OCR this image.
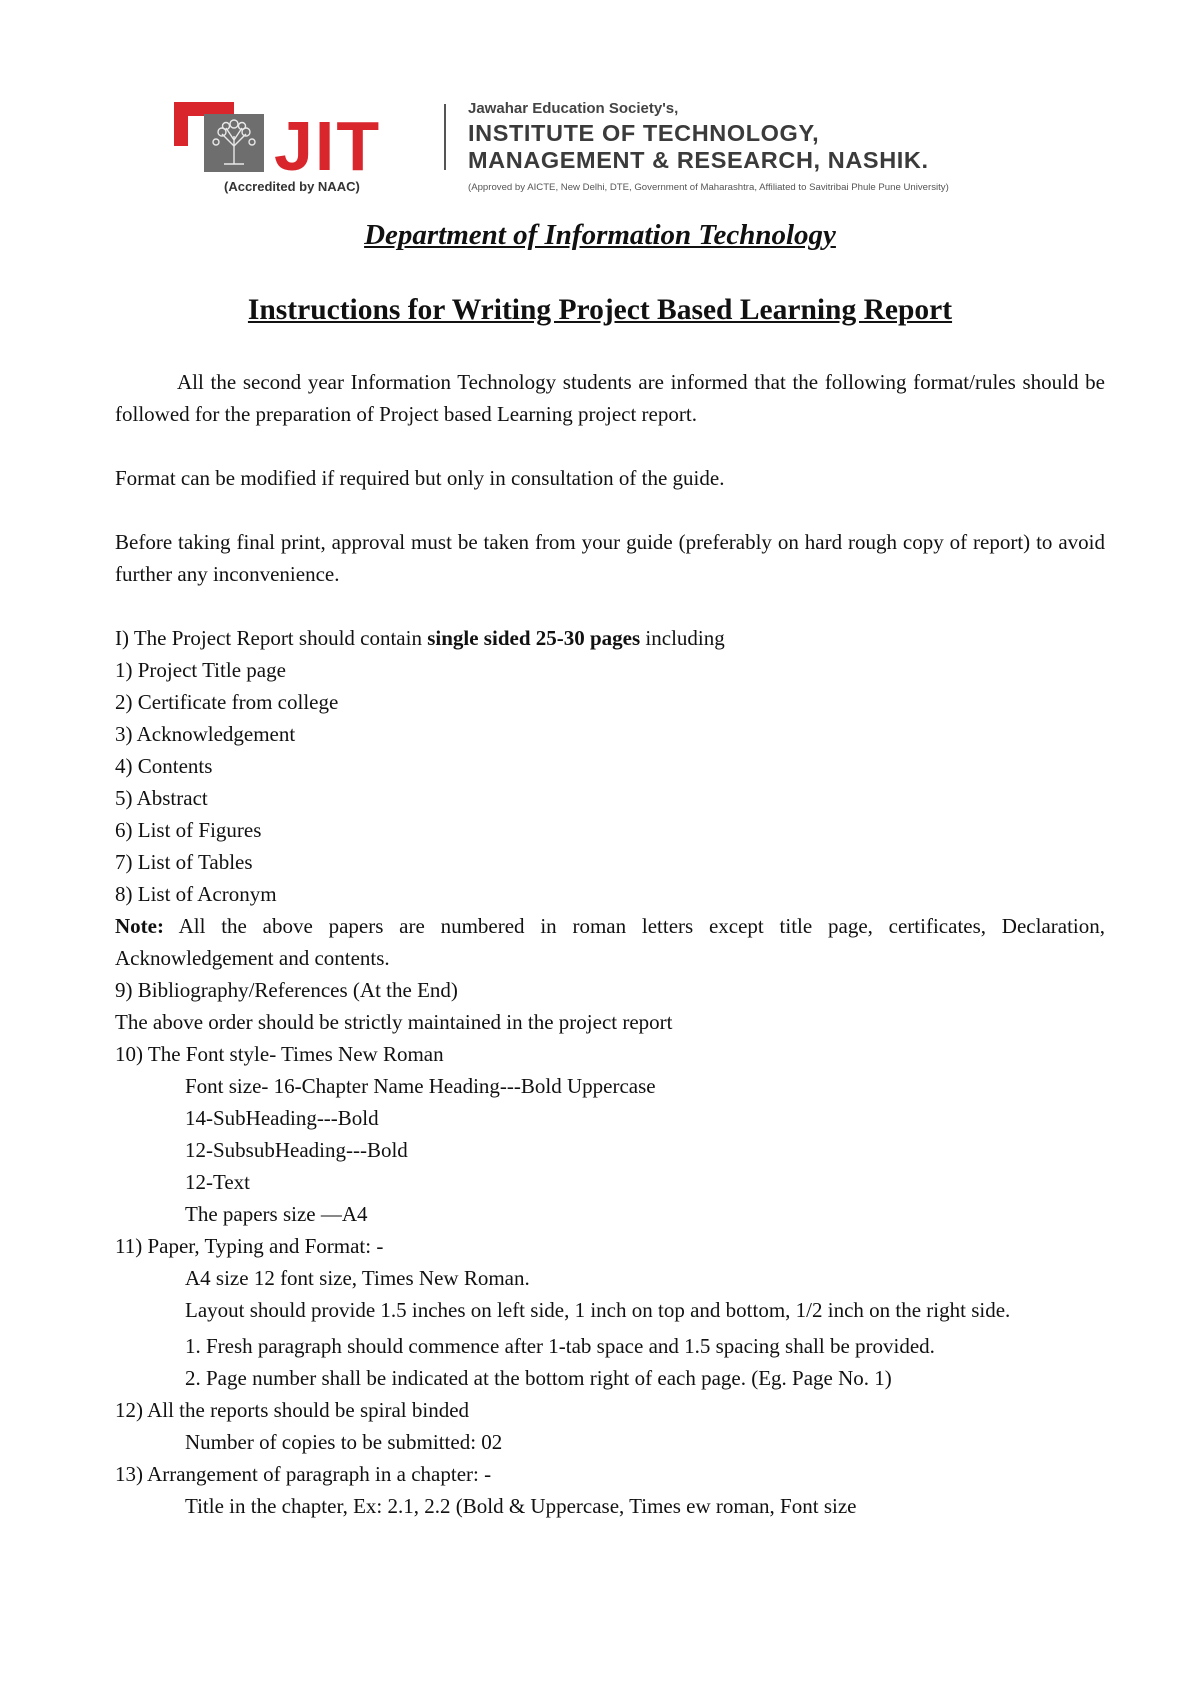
JIT
(Accredited by NAAC)
Jawahar Education Society's,
INSTITUTE OF TECHNOLOGY,
MANAGEMENT & RESEARCH, NASHIK.
(Approved by AICTE, New Delhi, DTE, Government of Maharashtra, Affiliated to Savitribai Phule Pune University)
Department of Information Technology
Instructions for Writing Project Based Learning Report

All the second year Information Technology students are informed that the following format/rules should be followed for the preparation of Project based Learning project report.

Format can be modified if required but only in consultation of the guide.

Before taking final print, approval must be taken from your guide (preferably on hard rough copy of report) to avoid further any inconvenience.

I) The Project Report should contain single sided 25-30 pages including

1) Project Title page

2) Certificate from college

3) Acknowledgement

4) Contents

5) Abstract

6) List of Figures

7) List of Tables

8) List of Acronym

Note: All the above papers are numbered in roman letters except title page, certificates, Declaration, Acknowledgement and contents.

9) Bibliography/References (At the End)

The above order should be strictly maintained in the project report

10) The Font style- Times New Roman

Font size- 16-Chapter Name Heading---Bold Uppercase

14-SubHeading---Bold

12-SubsubHeading---Bold

12-Text

The papers size —A4

11) Paper, Typing and Format: -

A4 size 12 font size, Times New Roman.

Layout should provide 1.5 inches on left side, 1 inch on top and bottom, 1/2 inch on the right side.

1. Fresh paragraph should commence after 1-tab space and 1.5 spacing shall be provided.

2. Page number shall be indicated at the bottom right of each page. (Eg. Page No. 1)

12) All the reports should be spiral binded

Number of copies to be submitted: 02

13) Arrangement of paragraph in a chapter: -

Title in the chapter, Ex: 2.1, 2.2 (Bold & Uppercase, Times ew roman, Font size
